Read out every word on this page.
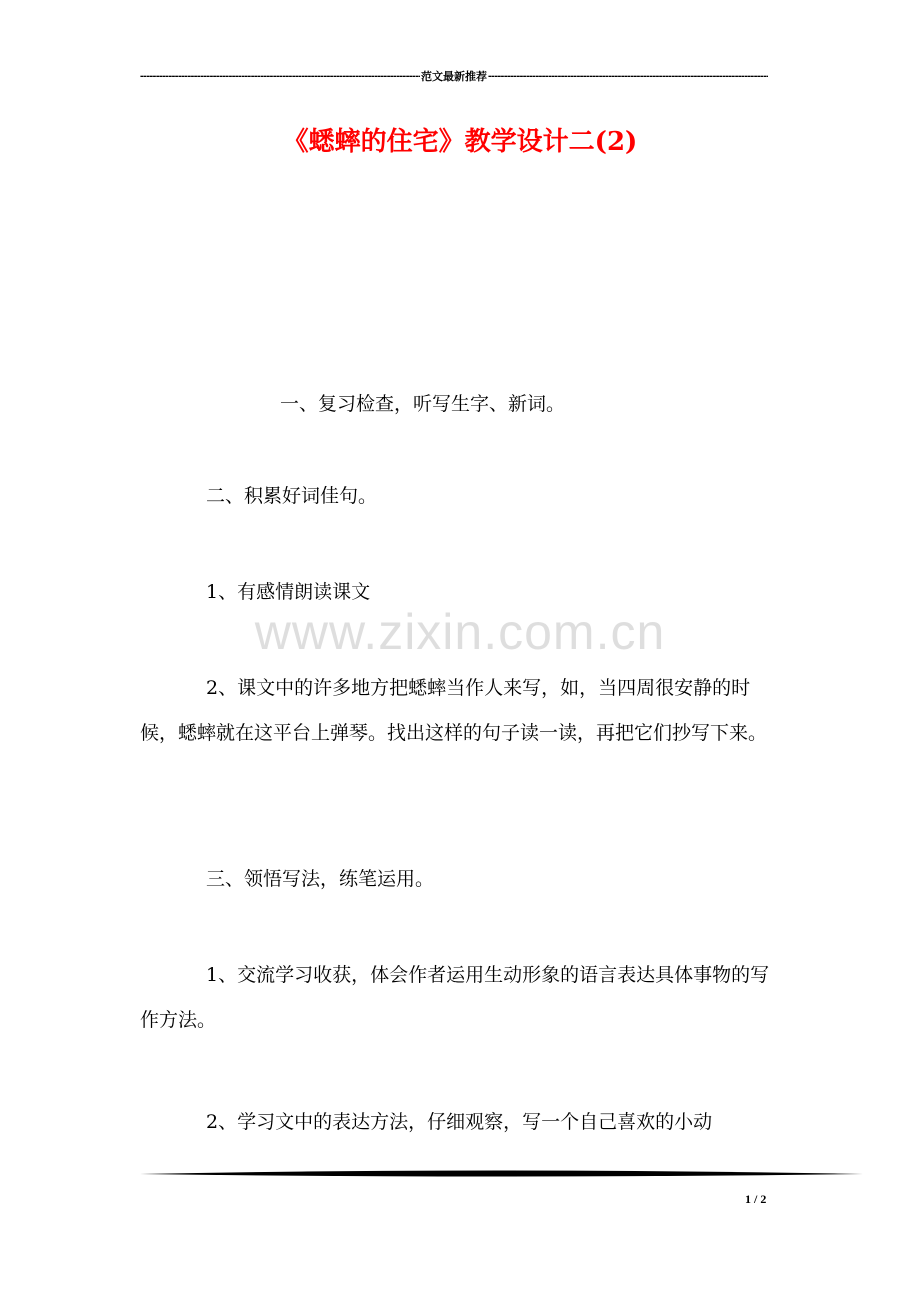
-----
范文最新推荐
-----
《蟋蟀的住宅》教学设计二(2)
一、复习检查，听写生字、新词。
二、积累好词佳句。
1、有感情朗读课文
www.zixin.com.cn
2、课文中的许多地方把蟋蟀当作人来写，如，当四周很安静的时候，蟋蟀就在这平台上弹琴。找出这样的句子读一读，再把它们抄写下来。
三、领悟写法，练笔运用。
1、交流学习收获，体会作者运用生动形象的语言表达具体事物的写作方法。
2、学习文中的表达方法，仔细观察，写一个自己喜欢的小动
1 / 2
